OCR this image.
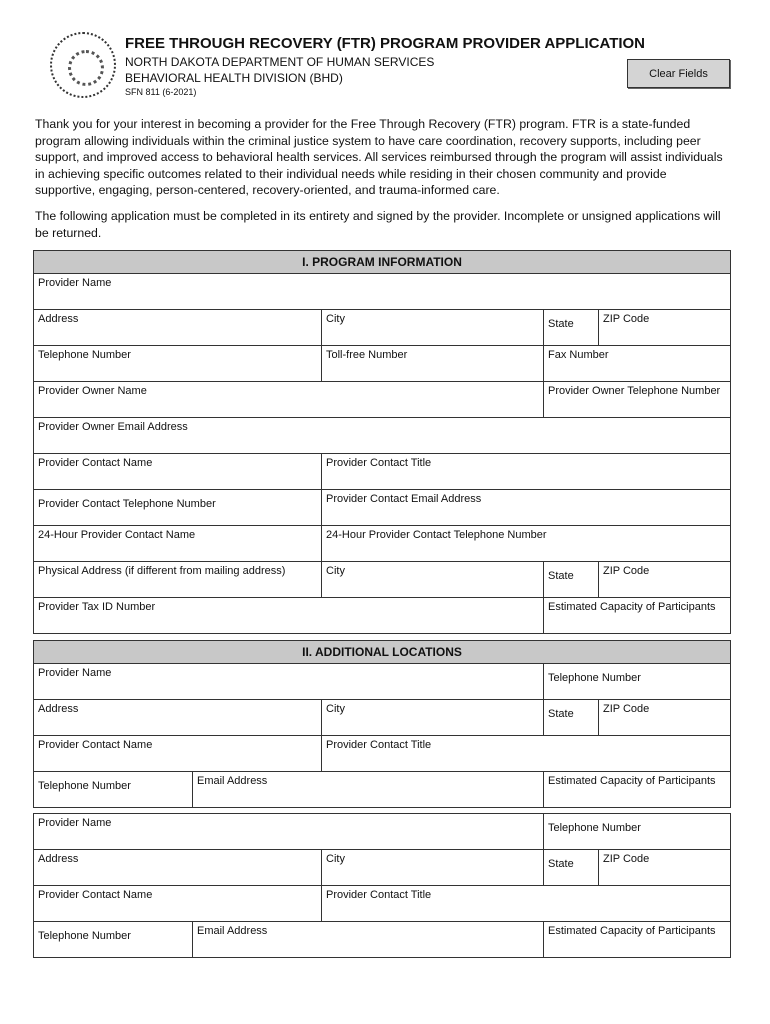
FREE THROUGH RECOVERY (FTR) PROGRAM PROVIDER APPLICATION
NORTH DAKOTA DEPARTMENT OF HUMAN SERVICES
BEHAVIORAL HEALTH DIVISION (BHD)
SFN 811 (6-2021)
Clear Fields
Thank you for your interest in becoming a provider for the Free Through Recovery (FTR) program. FTR is a state-funded program allowing individuals within the criminal justice system to have care coordination, recovery supports, including peer support, and improved access to behavioral health services. All services reimbursed through the program will assist individuals in achieving specific outcomes related to their individual needs while residing in their chosen community and provide supportive, engaging, person-centered, recovery-oriented, and trauma-informed care.
The following application must be completed in its entirety and signed by the provider. Incomplete or unsigned applications will be returned.
I. PROGRAM INFORMATION
Provider Name
Address	City	State	ZIP Code
Telephone Number	Toll-free Number	Fax Number
Provider Owner Name	Provider Owner Telephone Number
Provider Owner Email Address
Provider Contact Name	Provider Contact Title
Provider Contact Telephone Number	Provider Contact Email Address
24-Hour Provider Contact Name	24-Hour Provider Contact Telephone Number
Physical Address (if different from mailing address)	City	State	ZIP Code
Provider Tax ID Number	Estimated Capacity of Participants
II. ADDITIONAL LOCATIONS
Provider Name	Telephone Number
Address	City	State	ZIP Code
Provider Contact Name	Provider Contact Title
Telephone Number	Email Address	Estimated Capacity of Participants
Provider Name	Telephone Number
Address	City	State	ZIP Code
Provider Contact Name	Provider Contact Title
Telephone Number	Email Address	Estimated Capacity of Participants
